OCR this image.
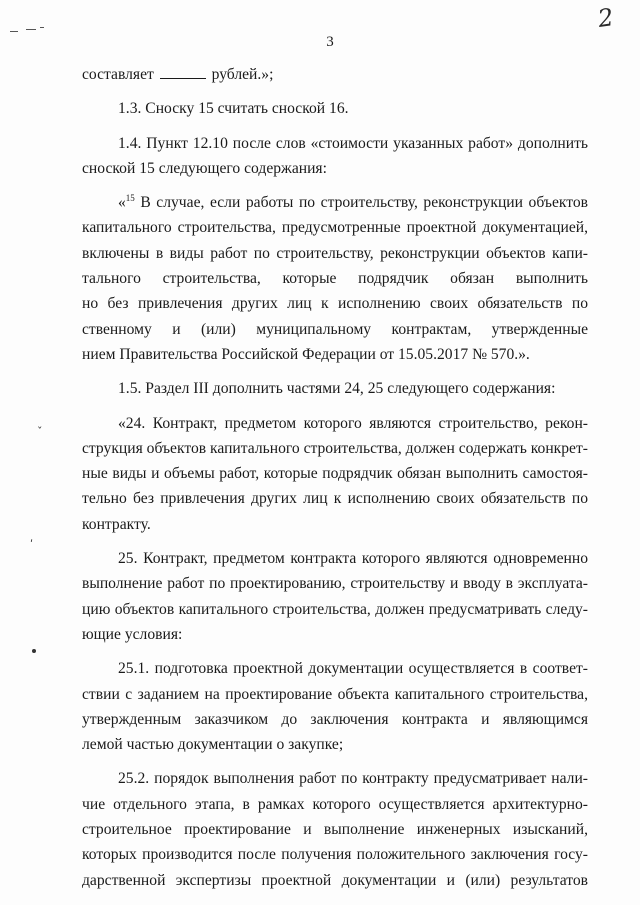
2
3
ˇ
ʹ
составляет	рублей.»;
1.3. Сноску 15 считать сноской 16.
1.4. Пункт 12.10 после слов «стоимости указанных работ» дополнить
сноской 15 следующего содержания:
«$^{15}$ В случае, если работы по строительству, реконструкции объектов
капитального строительства, предусмотренные проектной документацией,
включены в виды работ по строительству, реконструкции объектов капи-
тального строительства, которые подрядчик обязан выполнить
но без привлечения других лиц к исполнению своих обязательств по
ственному и (или) муниципальному контрактам, утвержденные
нием Правительства Российской Федерации от 15.05.2017 № 570.».
1.5. Раздел III дополнить частями 24, 25 следующего содержания:
«24. Контракт, предметом которого являются строительство, рекон-
струкция объектов капитального строительства, должен содержать конкрет-
ные виды и объемы работ, которые подрядчик обязан выполнить самостоя-
тельно без привлечения других лиц к исполнению своих обязательств по
контракту.
25. Контракт, предметом контракта которого являются одновременно
выполнение работ по проектированию, строительству и вводу в эксплуата-
цию объектов капитального строительства, должен предусматривать следу-
ющие условия:
25.1. подготовка проектной документации осуществляется в соответ-
ствии с заданием на проектирование объекта капитального строительства,
утвержденным заказчиком до заключения контракта и являющимся
лемой частью документации о закупке;
25.2. порядок выполнения работ по контракту предусматривает нали-
чие отдельного этапа, в рамках которого осуществляется архитектурно-
строительное проектирование и выполнение инженерных изысканий,
которых производится после получения положительного заключения госу-
дарственной экспертизы проектной документации и (или) результатов
